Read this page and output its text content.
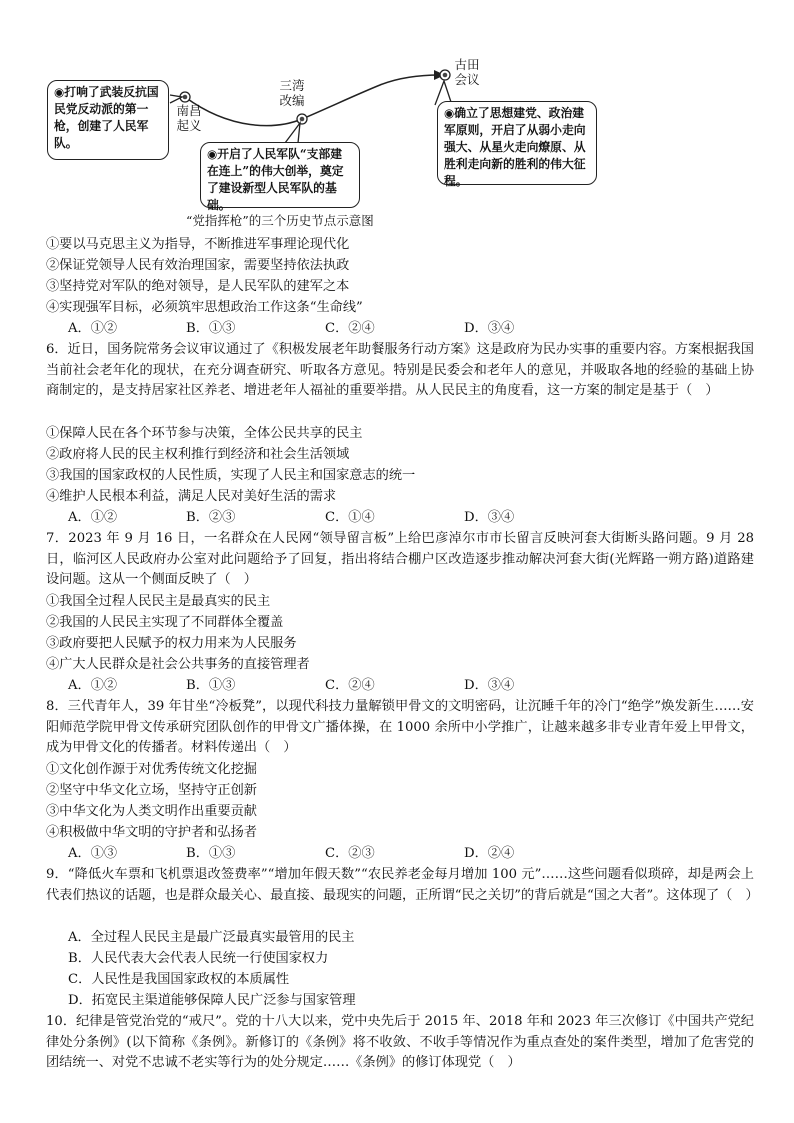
南昌
起义
三湾
改编
古田
会议
◉打响了武装反抗国民党反动派的第一枪，创建了人民军队。
◉开启了人民军队“支部建在连上”的伟大创举，奠定了建设新型人民军队的基础。
◉确立了思想建党、政治建军原则，开启了从弱小走向强大、从星火走向燎原、从胜利走向新的胜利的伟大征程。
“党指挥枪”的三个历史节点示意图
①要以马克思主义为指导，不断推进军事理论现代化
②保证党领导人民有效治理国家，需要坚持依法执政
③坚持党对军队的绝对领导，是人民军队的建军之本
④实现强军目标，必须筑牢思想政治工作这条“生命线”
A．①②	B．①③	C．②④	D．③④
6．近日，国务院常务会议审议通过了《积极发展老年助餐服务行动方案》这是政府为民办实事的重要内容。方案根据我国当前社会老年化的现状，在充分调查研究、听取各方意见。特别是民委会和老年人的意见，并吸取各地的经验的基础上协商制定的，是支持居家社区养老、增进老年人福祉的重要举措。从人民民主的角度看，这一方案的制定是基于（　）
①保障人民在各个环节参与决策，全体公民共享的民主
②政府将人民的民主权利推行到经济和社会生活领域
③我国的国家政权的人民性质，实现了人民主和国家意志的统一
④维护人民根本利益，满足人民对美好生活的需求
A．①②	B．②③	C．①④	D．③④
7．2023 年 9 月 16 日，一名群众在人民网“领导留言板”上给巴彦淖尔市市长留言反映河套大街断头路问题。9 月 28 日，临河区人民政府办公室对此问题给予了回复，指出将结合棚户区改造逐步推动解决河套大街(光辉路一朔方路)道路建设问题。这从一个侧面反映了（　）
①我国全过程人民民主是最真实的民主
②我国的人民民主实现了不同群体全覆盖
③政府要把人民赋予的权力用来为人民服务
④广大人民群众是社会公共事务的直接管理者
A．①②	B．①③	C．②④	D．③④
8．三代青年人，39 年甘坐“冷板凳”，以现代科技力量解锁甲骨文的文明密码，让沉睡千年的冷门“绝学”焕发新生……安阳师范学院甲骨文传承研究团队创作的甲骨文广播体操，在 1000 余所中小学推广，让越来越多非专业青年爱上甲骨文，成为甲骨文化的传播者。材料传递出（　）
①文化创作源于对优秀传统文化挖掘
②坚守中华文化立场，坚持守正创新
③中华文化为人类文明作出重要贡献
④积极做中华文明的守护者和弘扬者
A．①③	B．①③	C．②③	D．②④
9．“降低火车票和飞机票退改签费率”“增加年假天数”“农民养老金每月增加 100 元”……这些问题看似琐碎，却是两会上代表们热议的话题，也是群众最关心、最直接、最现实的问题，正所谓“民之关切”的背后就是“国之大者”。这体现了（　）
A．全过程人民民主是最广泛最真实最管用的民主
B．人民代表大会代表人民统一行使国家权力
C．人民性是我国国家政权的本质属性
D．拓宽民主渠道能够保障人民广泛参与国家管理
10．纪律是管党治党的“戒尺”。党的十八大以来，党中央先后于 2015 年、2018 年和 2023 年三次修订《中国共产党纪律处分条例》(以下简称《条例》。新修订的《条例》将不收敛、不收手等情况作为重点查处的案件类型，增加了危害党的团结统一、对党不忠诚不老实等行为的处分规定……《条例》的修订体现党（　）
